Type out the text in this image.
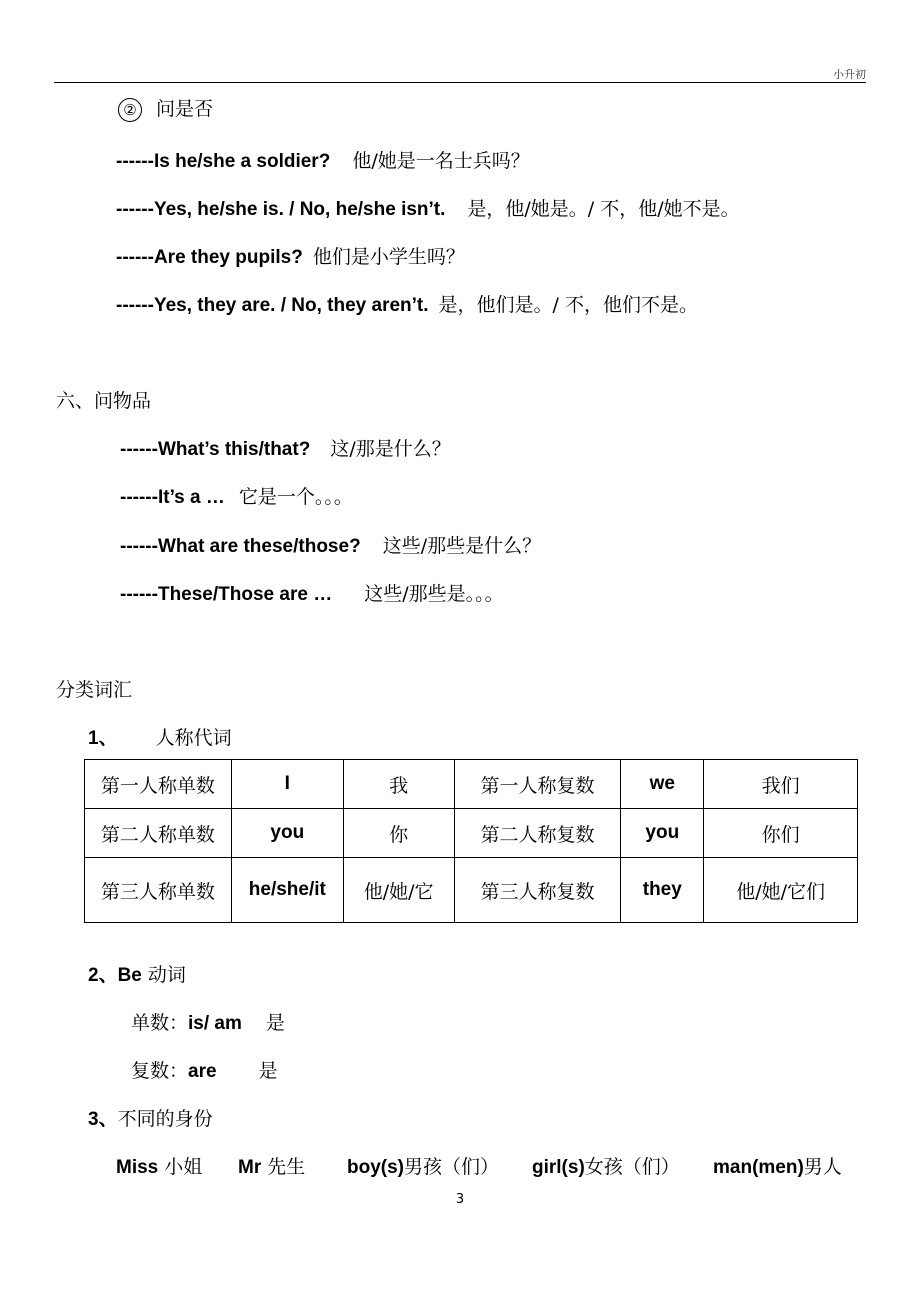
小升初
② 问是否
------Is he/she a soldier? 他/她是一名士兵吗？
------Yes, he/she is. / No, he/she isn’t. 是，他/她是。/ 不，他/她不是。
------Are they pupils? 他们是小学生吗？
------Yes, they are. / No, they aren’t. 是，他们是。/ 不，他们不是。
六、问物品
------What’s this/that? 这/那是什么？
------It’s a … 它是一个。。。
------What are these/those? 这些/那些是什么？
------These/Those are … 这些/那些是。。。
分类词汇
1、 人称代词
第一人称单数	I	我	第一人称复数	we	我们
第二人称单数	you	你	第二人称复数	you	你们
第三人称单数	he/she/it	他/她/它	第三人称复数	they	他/她/它们
2、Be 动词
单数：is/ am 是
复数：are 是
3、不同的身份
Miss 小姐 Mr 先生 boy(s)男孩（们） girl(s)女孩（们） man(men)男人
3
